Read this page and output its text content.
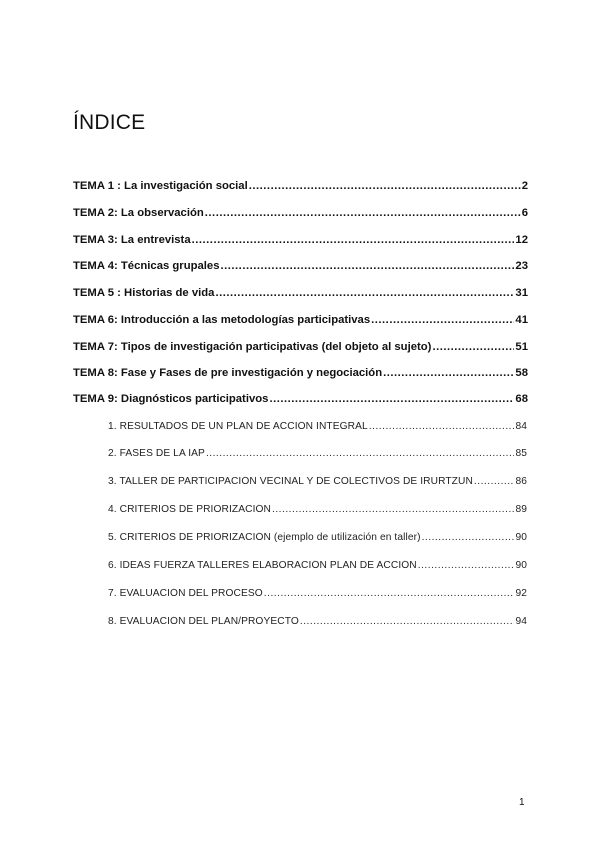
ÍNDICE
TEMA 1 : La investigación social .....	2
TEMA 2: La observación .....	6
TEMA 3: La entrevista .....	12
TEMA 4: Técnicas grupales .....	23
TEMA 5 : Historias de vida .....	31
TEMA 6: Introducción a las metodologías participativas .....	41
TEMA 7: Tipos de investigación participativas (del objeto al sujeto) .....	51
TEMA 8: Fase y Fases de pre investigación y negociación .....	58
TEMA 9: Diagnósticos participativos .....	68
1. RESULTADOS DE UN PLAN DE ACCIÓN INTEGRAL .....	84
2. FASES DE LA IAP .....	85
3. TALLER DE PARTICIPACIÓN VECINAL Y DE COLECTIVOS DE IRURTZUN .....	86
4. CRITERIOS DE PRIORIZACIÓN .....	89
5. CRITERIOS DE PRIORIZACIÓN (ejemplo de utilización en taller) .....	90
6. IDEAS FUERZA TALLERES ELABORACIÓN PLAN DE ACCIÓN .....	90
7. EVALUACIÓN DEL PROCESO .....	92
8. EVALUACIÓN DEL PLAN/PROYECTO .....	94
1
